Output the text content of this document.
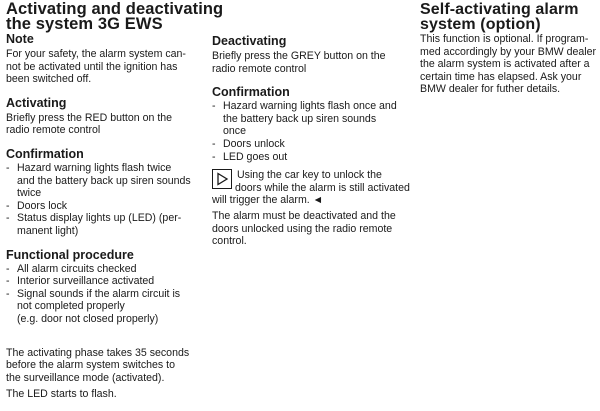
Activating and deactivating
the system 3G EWS
Note

For your safety, the alarm system can-
not be activated until the ignition has
been switched off.

Activating

Briefly press the RED button on the
radio remote control

Confirmation
- Hazard warning lights flash twice
and the battery back up siren sounds
twice
- Doors lock
- Status display lights up (LED) (per-
manent light)
Functional procedure
- All alarm circuits checked
- Interior surveillance activated
- Signal sounds if the alarm circuit is
not completed properly
(e.g. door not closed properly)

The activating phase takes 35 seconds
before the alarm system switches to
the surveillance mode (activated).

The LED starts to flash.

Deactivating

Briefly press the GREY button on the
radio remote control

Confirmation
- Hazard warning lights flash once and
the battery back up siren sounds
once
- Doors unlock
- LED goes out

Using the car key to unlock the
doors while the alarm is still activated
will trigger the alarm. ◄

The alarm must be deactivated and the
doors unlocked using the radio remote
control.

Self-activating alarm
system (option)

This function is optional. If program-
med accordingly by your BMW dealer
the alarm system is activated after a
certain time has elapsed. Ask your
BMW dealer for futher details.
